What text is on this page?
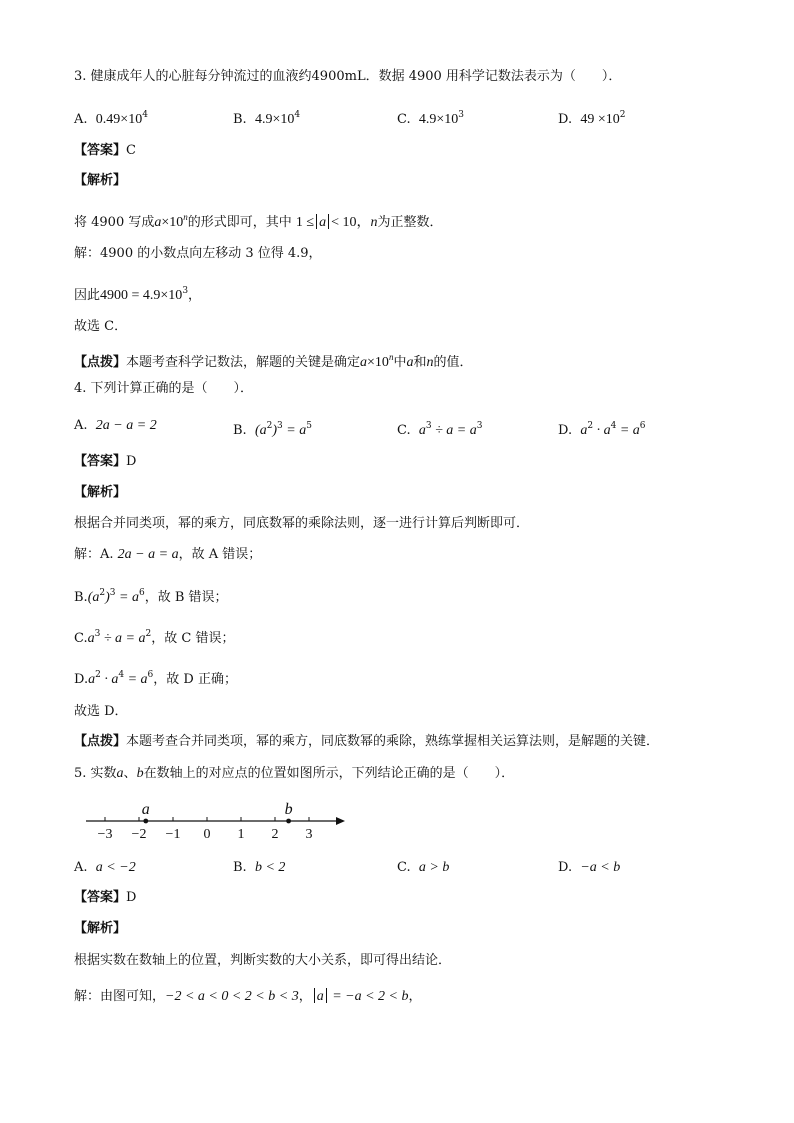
3. 健康成年人的心脏每分钟流过的血液约4900mL．数据 4900 用科学记数法表示为（　　）．
A. $0.49\times 10^4$	B. $4.9\times 10^4$	C. $4.9\times 10^3$	D. $49 \times 10^2$
【答案】C
【解析】
将 4900 写成$a\times 10^n$的形式即可，其中 1 ≤ a < 10，n为正整数．
解：4900 的小数点向左移动 3 位得 4.9，
因此$4900 = 4.9\times 10^3$，
故选 C．
【点拨】本题考查科学记数法，解题的关键是确定$a\times 10^n$中a和n的值．
4. 下列计算正确的是（　　）．
A. 2a − a = 2	B. $(a^2)^3 = a^5$	C. $a^3 \div a = a^3$	D. $a^2 \cdot a^4 = a^6$
【答案】D
【解析】
根据合并同类项，幂的乘方，同底数幂的乘除法则，逐一进行计算后判断即可．
解：A. 2a − a = a，故 A 错误；
$B.(a^2)^3 = a^6$，故 B 错误；
$C.a^3 \div a = a^2$，故 C 错误；
$D.a^2 \cdot a^4 = a^6$，故 D 正确；
故选 D．
【点拨】本题考查合并同类项，幂的乘方，同底数幂的乘除，熟练掌握相关运算法则，是解题的关键．
5. 实数a、b在数轴上的对应点的位置如图所示，下列结论正确的是（　　）．
−3 −2 −1 0 1 2 3
a	b
A. a < −2	B. b < 2	C. a > b	D. −a < b
【答案】D
【解析】
根据实数在数轴上的位置，判断实数的大小关系，即可得出结论．
解：由图可知，−2 < a < 0 < 2 < b < 3， a = −a < 2 < b，
